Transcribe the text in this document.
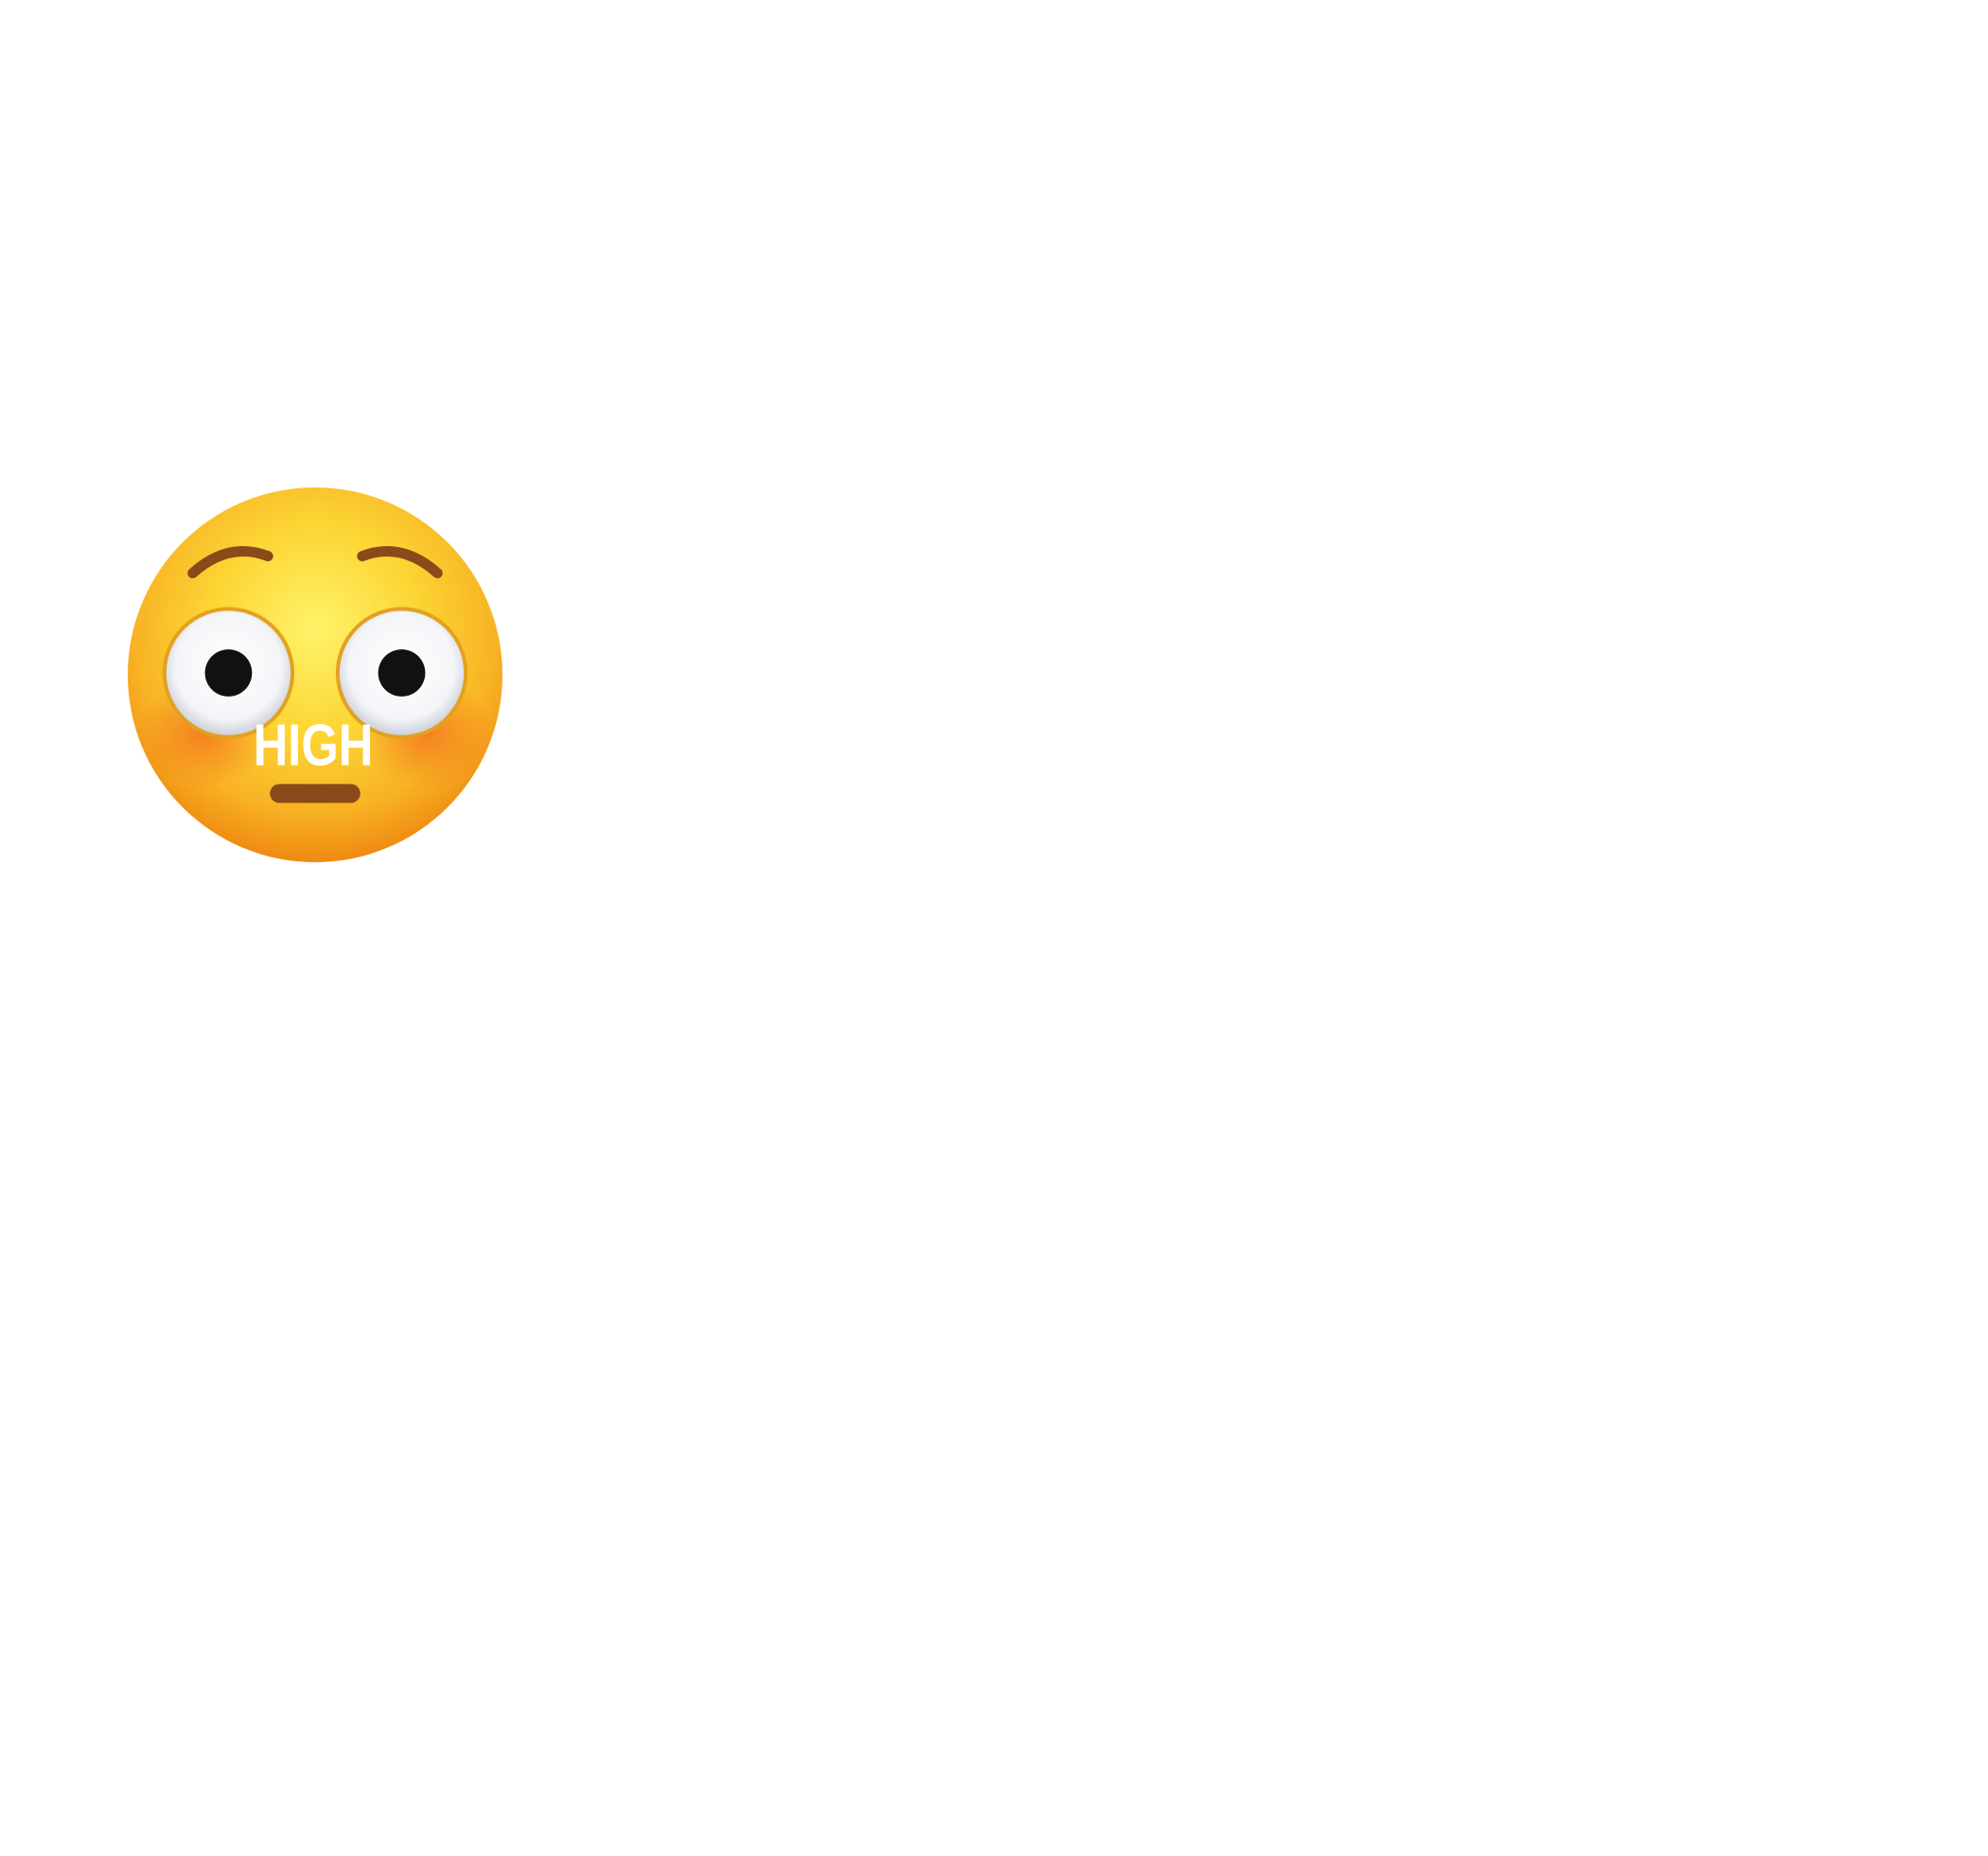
HIGH
